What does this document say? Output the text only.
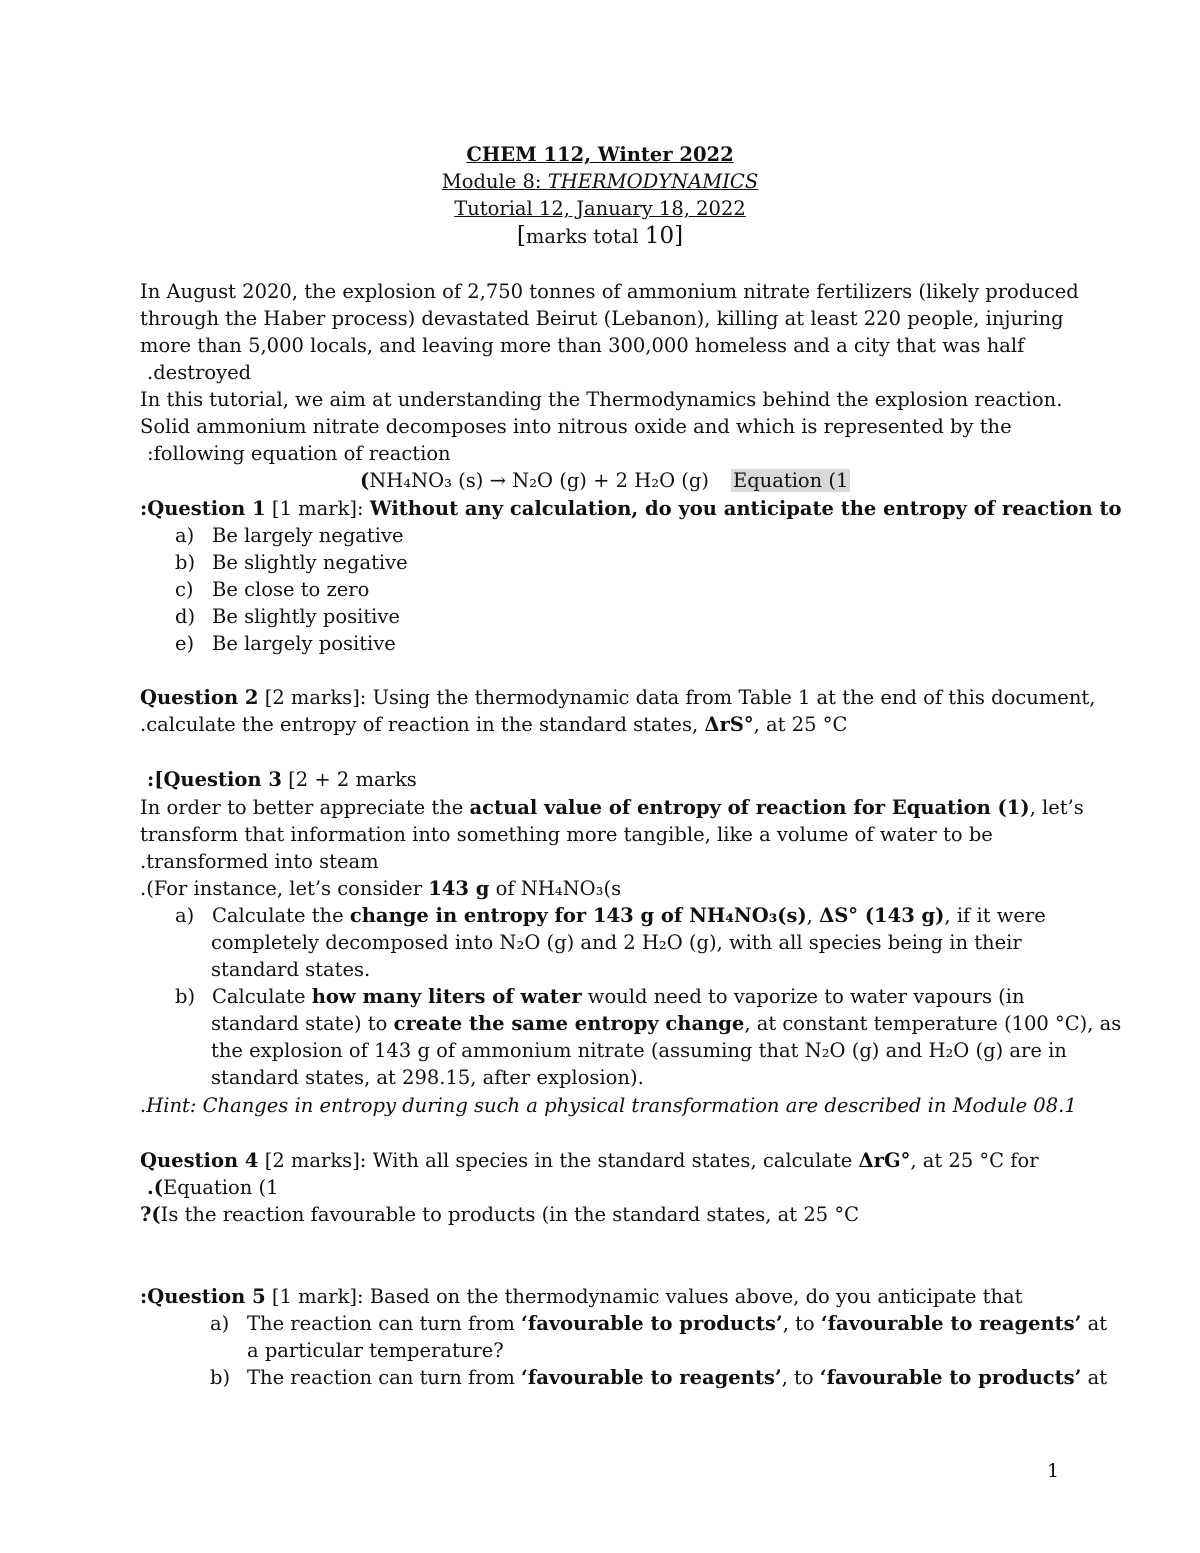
CHEM 112, Winter 2022
Module 8: THERMODYNAMICS
Tutorial 12, January 18, 2022
[marks total 10]
In August 2020, the explosion of 2,750 tonnes of ammonium nitrate fertilizers (likely produced
through the Haber process) devastated Beirut (Lebanon), killing at least 220 people, injuring
more than 5,000 locals, and leaving more than 300,000 homeless and a city that was half
.destroyed
In this tutorial, we aim at understanding the Thermodynamics behind the explosion reaction.
Solid ammonium nitrate decomposes into nitrous oxide and which is represented by the
:following equation of reaction
(NH₄NO₃ (s) → N₂O (g) + 2 H₂O (g) Equation (1
:Question 1 [1 mark]: Without any calculation, do you anticipate the entropy of reaction to
a) Be largely negative
b) Be slightly negative
c) Be close to zero
d) Be slightly positive
e) Be largely positive
Question 2 [2 marks]: Using the thermodynamic data from Table 1 at the end of this document,
.calculate the entropy of reaction in the standard states, ΔrS°, at 25 °C
:[Question 3 [2 + 2 marks
In order to better appreciate the actual value of entropy of reaction for Equation (1), let’s
transform that information into something more tangible, like a volume of water to be
.transformed into steam
.(For instance, let’s consider 143 g of NH₄NO₃(s
a) Calculate the change in entropy for 143 g of NH₄NO₃(s), ΔS° (143 g), if it were
completely decomposed into N₂O (g) and 2 H₂O (g), with all species being in their
standard states.
b) Calculate how many liters of water would need to vaporize to water vapours (in
standard state) to create the same entropy change, at constant temperature (100 °C), as
the explosion of 143 g of ammonium nitrate (assuming that N₂O (g) and H₂O (g) are in
standard states, at 298.15, after explosion).
.Hint: Changes in entropy during such a physical transformation are described in Module 08.1
Question 4 [2 marks]: With all species in the standard states, calculate ΔrG°, at 25 °C for
.(Equation (1
?(Is the reaction favourable to products (in the standard states, at 25 °C
:Question 5 [1 mark]: Based on the thermodynamic values above, do you anticipate that
a) The reaction can turn from ‘favourable to products’, to ‘favourable to reagents’ at
a particular temperature?
b) The reaction can turn from ‘favourable to reagents’, to ‘favourable to products’ at
1
